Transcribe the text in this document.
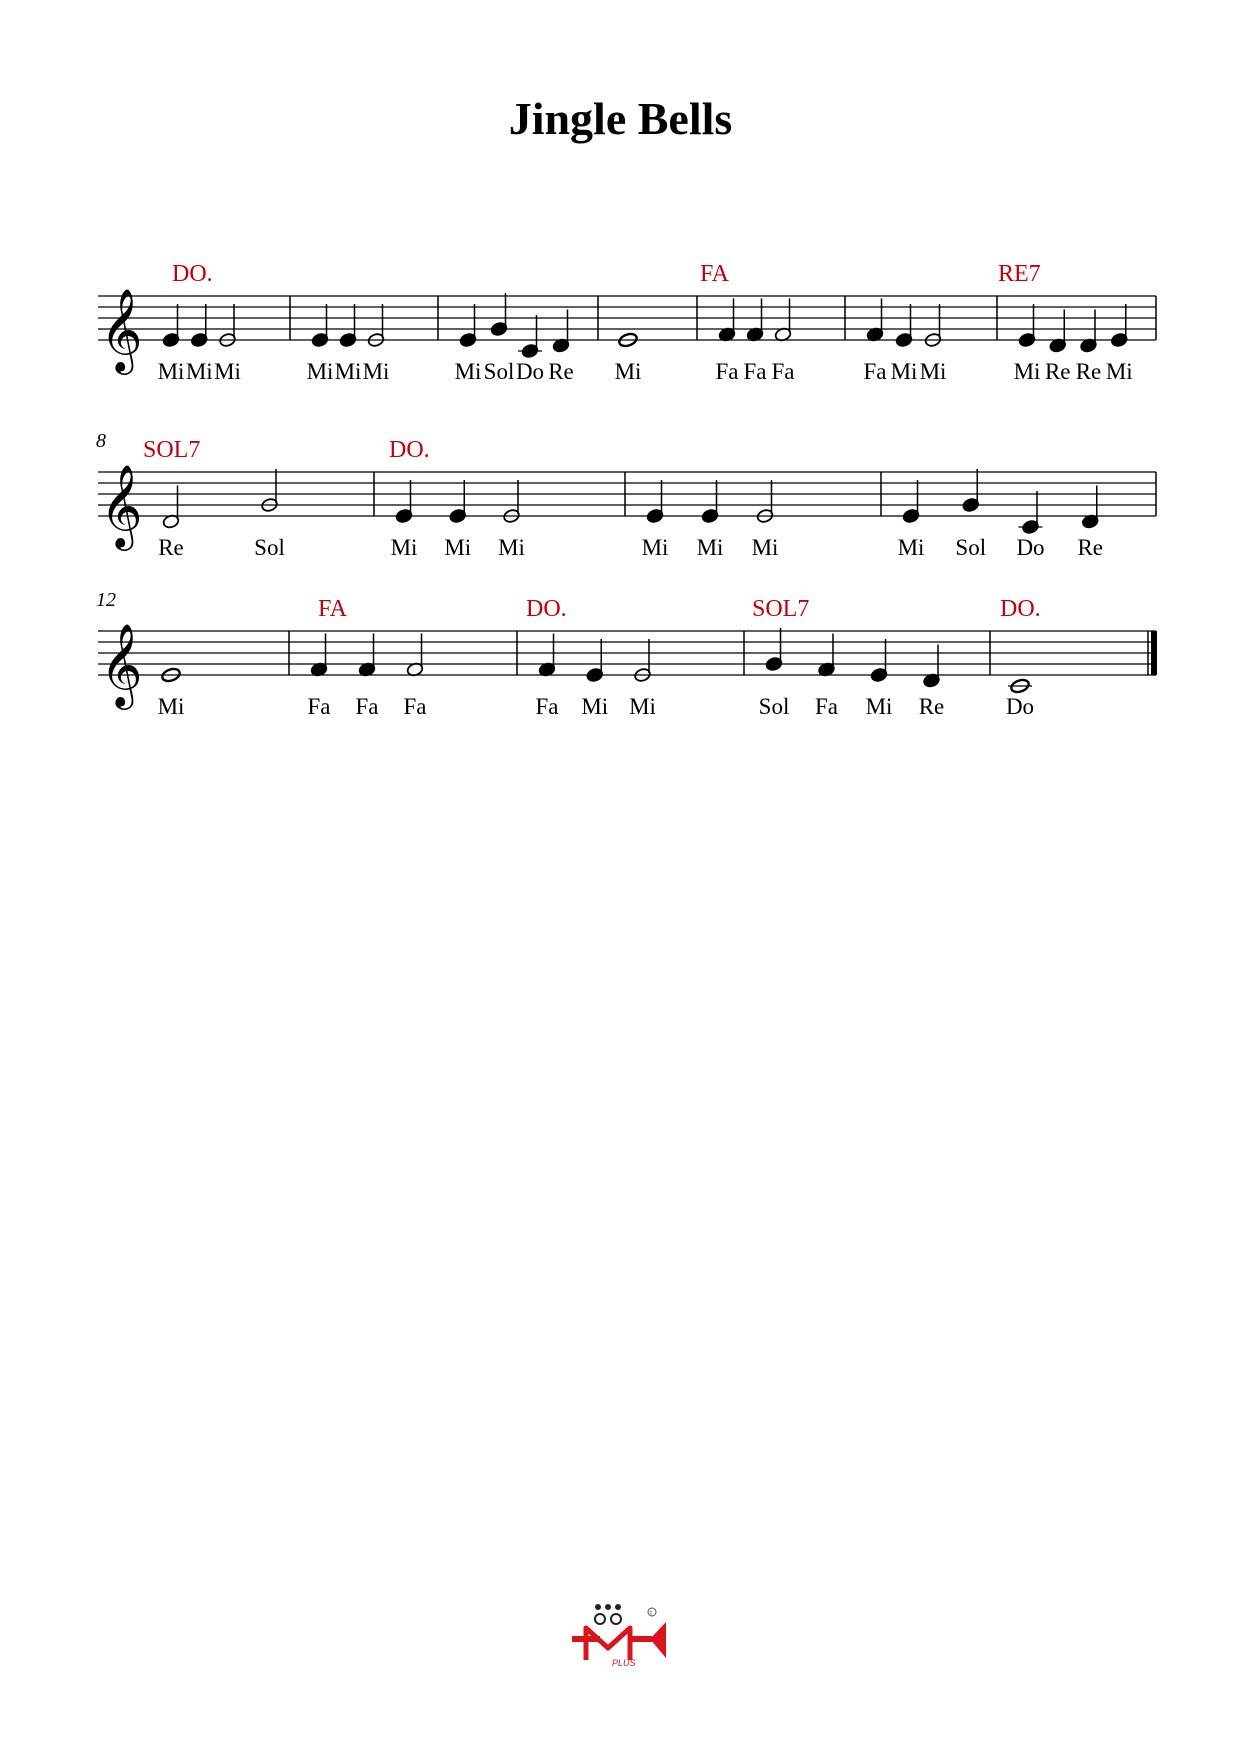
Jingle Bells
𝄞
DO.
Mi Mi Mi	Mi Mi Mi	Mi Sol Do Re Mi
FA
Fa Fa Fa	Fa Mi Mi
RE7
Mi Re Re Mi
𝄞
8 SOL7
Re	Sol
DO.
Mi Mi Mi	Mi Mi Mi	Mi Sol Do Re
𝄞
12
Mi
FA
Fa Fa Fa
DO.
Fa Mi Mi
SOL7
Sol Fa Mi Re
DO.
Do
c
PLUS
